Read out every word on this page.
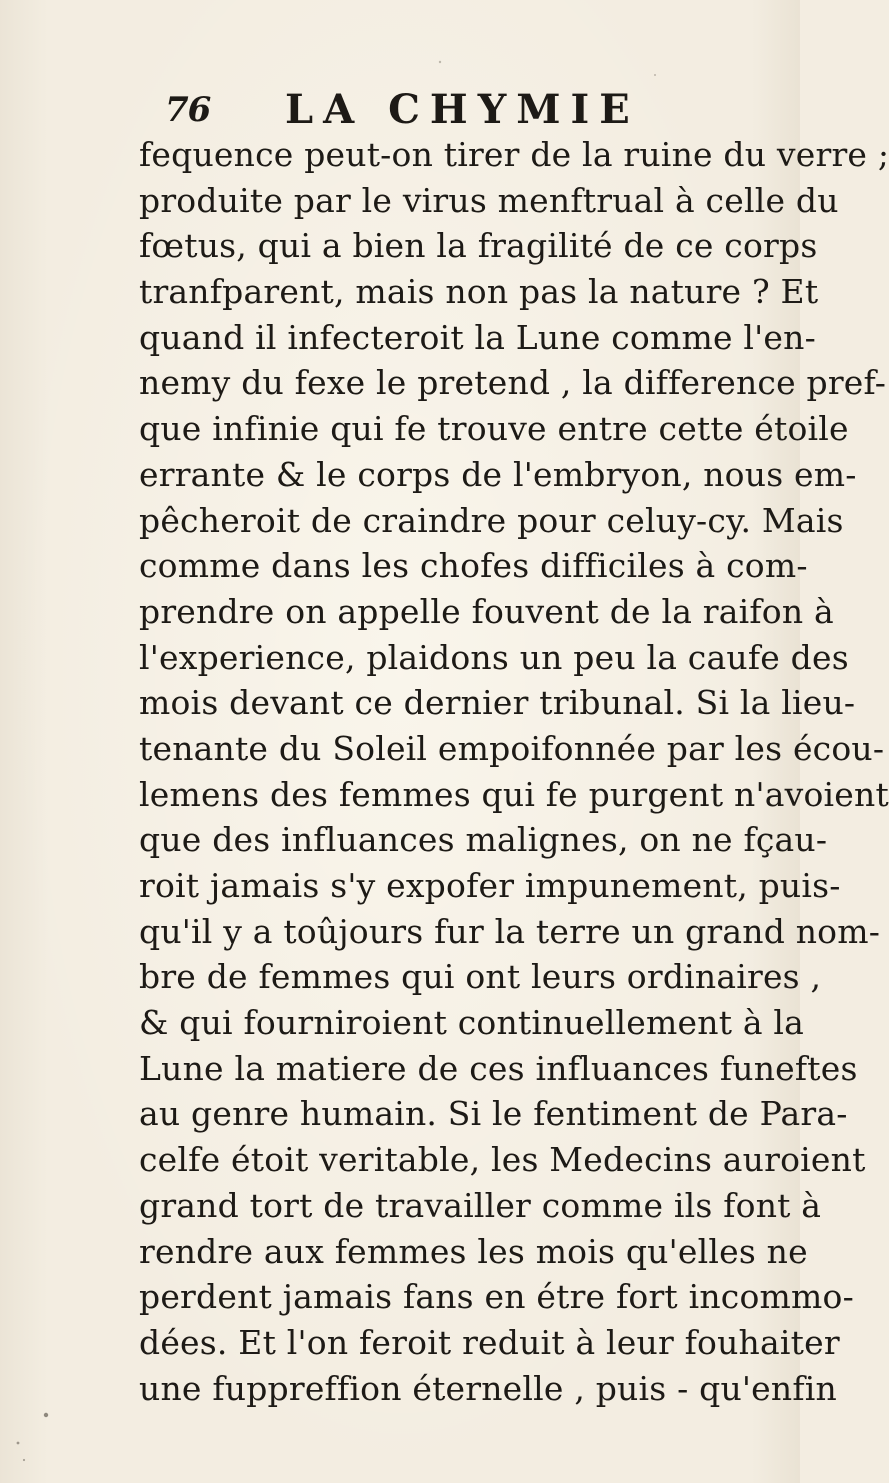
76 LA CHYMIE
fequence peut-on tirer de la ruine du verre ;
produite par le virus menftrual à celle du
fœtus, qui a bien la fragilité de ce corps
tranfparent, mais non pas la nature ? Et
quand il infecteroit la Lune comme l'en-
nemy du fexe le pretend , la difference pref-
que infinie qui fe trouve entre cette étoile
errante & le corps de l'embryon, nous em-
pêcheroit de craindre pour celuy-cy. Mais
comme dans les chofes difficiles à com-
prendre on appelle fouvent de la raifon à
l'experience, plaidons un peu la caufe des
mois devant ce dernier tribunal. Si la lieu-
tenante du Soleil empoifonnée par les écou-
lemens des femmes qui fe purgent n'avoient
que des influances malignes, on ne fçau-
roit jamais s'y expofer impunement, puis-
qu'il y a toûjours fur la terre un grand nom-
bre de femmes qui ont leurs ordinaires ,
& qui fourniroient continuellement à la
Lune la matiere de ces influances funeftes
au genre humain. Si le fentiment de Para-
celfe étoit veritable, les Medecins auroient
grand tort de travailler comme ils font à
rendre aux femmes les mois qu'elles ne
perdent jamais fans en étre fort incommo-
dées. Et l'on feroit reduit à leur fouhaiter
une fuppreffion éternelle , puis - qu'enfin
